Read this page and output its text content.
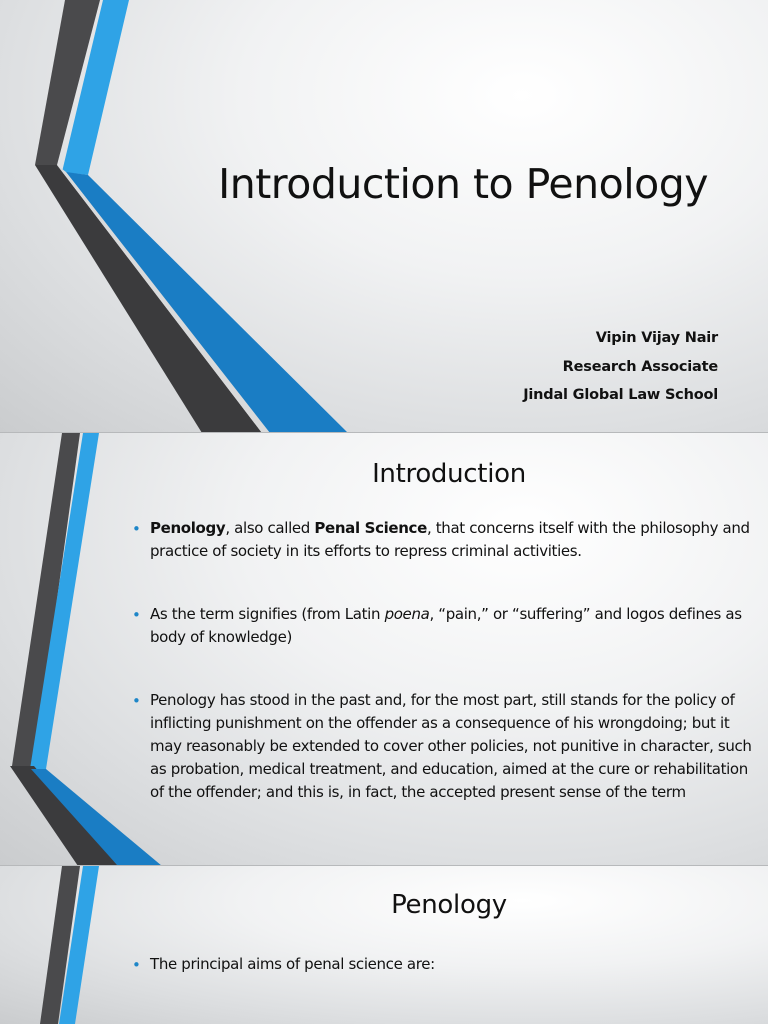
Introduction to Penology
Vipin Vijay Nair
Research Associate
Jindal Global Law School
Introduction
• Penology, also called Penal Science, that concerns itself with the philosophy and practice of society in its efforts to repress criminal activities.
• As the term signifies (from Latin poena, “pain,” or “suffering” and logos defines as body of knowledge)
• Penology has stood in the past and, for the most part, still stands for the policy of inflicting punishment on the offender as a consequence of his wrongdoing; but it may reasonably be extended to cover other policies, not punitive in character, such as probation, medical treatment, and education, aimed at the cure or rehabilitation of the offender; and this is, in fact, the accepted present sense of the term
Penology
• The principal aims of penal science are:
